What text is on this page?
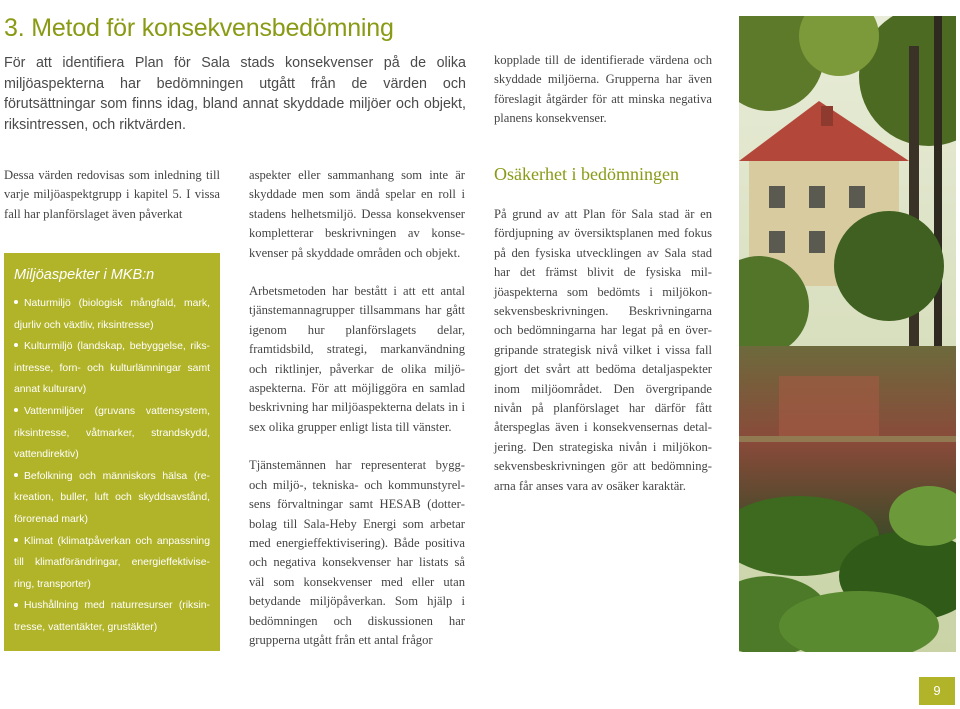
3. Metod för konsekvensbedömning

För att identifiera Plan för Sala stads konsekvenser på de olika miljöaspekterna har bedömningen utgått från de värden och förutsättningar som finns idag, bland annat skyddade miljöer och objekt, riksintressen, och riktvärden.

Dessa värden redovisas som inledning till varje miljöaspektgrupp i kapitel 5. I vissa fall har planförslaget även påverkat

Miljöaspekter i MKB:n
Naturmiljö (biologisk mångfald, mark, djurliv och växtliv, riksintresse)
Kulturmiljö (landskap, bebyggelse, riksintresse, forn- och kulturlämningar samt annat kulturarv)
Vattenmiljöer (gruvans vattensystem, riksintresse, våtmarker, strandskydd, vattendirektiv)
Befolkning och människors hälsa (rekreation, buller, luft och skyddsavstånd, förorenad mark)
Klimat (klimatpåverkan och anpassning till klimatförändringar, energieffektivisering, transporter)
Hushållning med naturresurser (riksintresse, vattentäkter, grustäkter)

aspekter eller sammanhang som inte är skyddade men som ändå spelar en roll i stadens helhetsmiljö. Dessa konsekvenser kompletterar beskrivningen av konsekvenser på skyddade områden och objekt.

Arbetsmetoden har bestått i att ett antal tjänstemannagrupper tillsammans har gått igenom hur planförslagets delar, framtidsbild, strategi, markanvändning och riktlinjer, påverkar de olika miljöaspekterna. För att möjliggöra en samlad beskrivning har miljöaspekterna delats in i sex olika grupper enligt lista till vänster.

Tjänstemännen har representerat bygg- och miljö-, tekniska- och kommunstyrelsens förvaltningar samt HESAB (dotterbolag till Sala-Heby Energi som arbetar med energieffektivisering). Både positiva och negativa konsekvenser har listats så väl som konsekvenser med eller utan betydande miljöpåverkan. Som hjälp i bedömningen och diskussionen har grupperna utgått från ett antal frågor

kopplade till de identifierade värdena och skyddade miljöerna. Grupperna har även föreslagit åtgärder för att minska negativa planens konsekvenser.

Osäkerhet i bedömningen

På grund av att Plan för Sala stad är en fördjupning av översiktsplanen med fokus på den fysiska utvecklingen av Sala stad har det främst blivit de fysiska miljöaspekterna som bedömts i miljökonsekvensbeskrivningen. Beskrivningarna och bedömningarna har legat på en övergripande strategisk nivå vilket i vissa fall gjort det svårt att bedöma detaljaspekter inom miljöområdet. Den övergripande nivån på planförslaget har därför fått återspeglas även i konsekvensernas detaljering. Den strategiska nivån i miljökonsekvensbeskrivningen gör att bedömningarna får anses vara av osäker karaktär.

9
